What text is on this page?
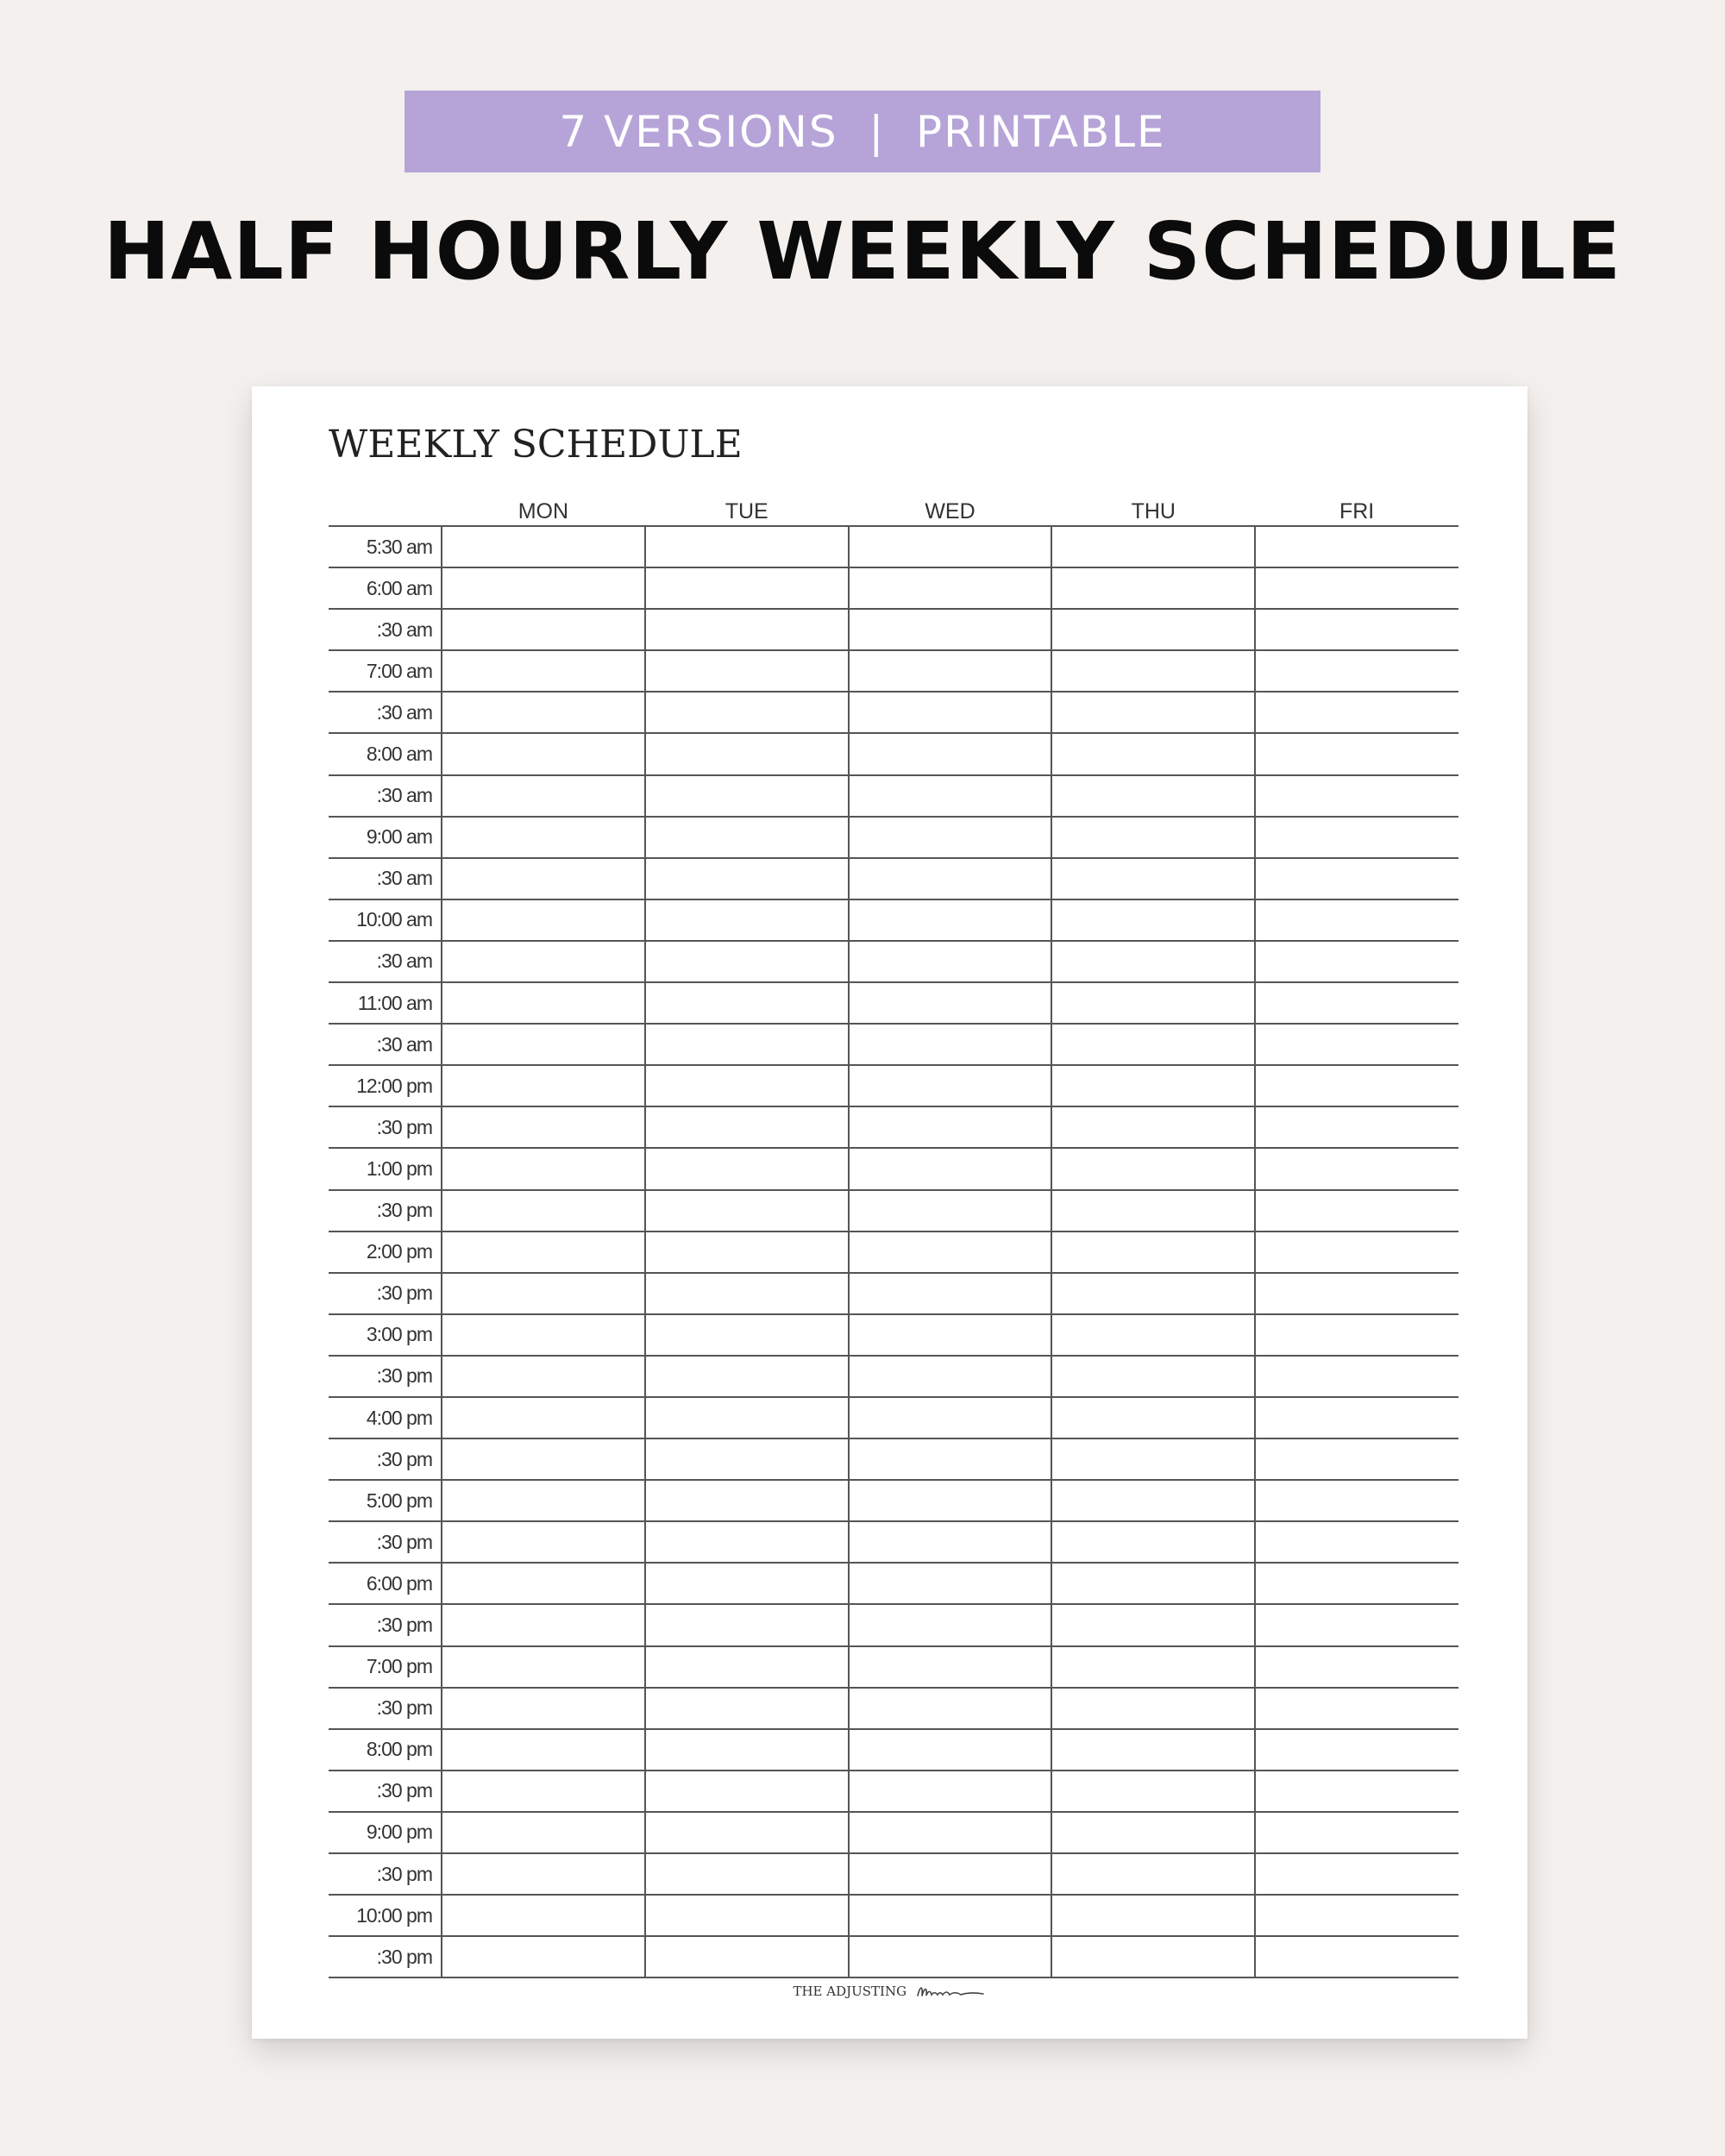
7 VERSIONS  |  PRINTABLE
HALF HOURLY WEEKLY SCHEDULE
WEEKLY SCHEDULE
	MON	TUE	WED	THU	FRI
5:30 am					
6:00 am					
:30 am					
7:00 am					
:30 am					
8:00 am					
:30 am					
9:00 am					
:30 am					
10:00 am					
:30 am					
11:00 am					
:30 am					
12:00 pm					
:30 pm					
1:00 pm					
:30 pm					
2:00 pm					
:30 pm					
3:00 pm					
:30 pm					
4:00 pm					
:30 pm					
5:00 pm					
:30 pm					
6:00 pm					
:30 pm					
7:00 pm					
:30 pm					
8:00 pm					
:30 pm					
9:00 pm					
:30 pm					
10:00 pm					
:30 pm					
THE ADJUSTING
